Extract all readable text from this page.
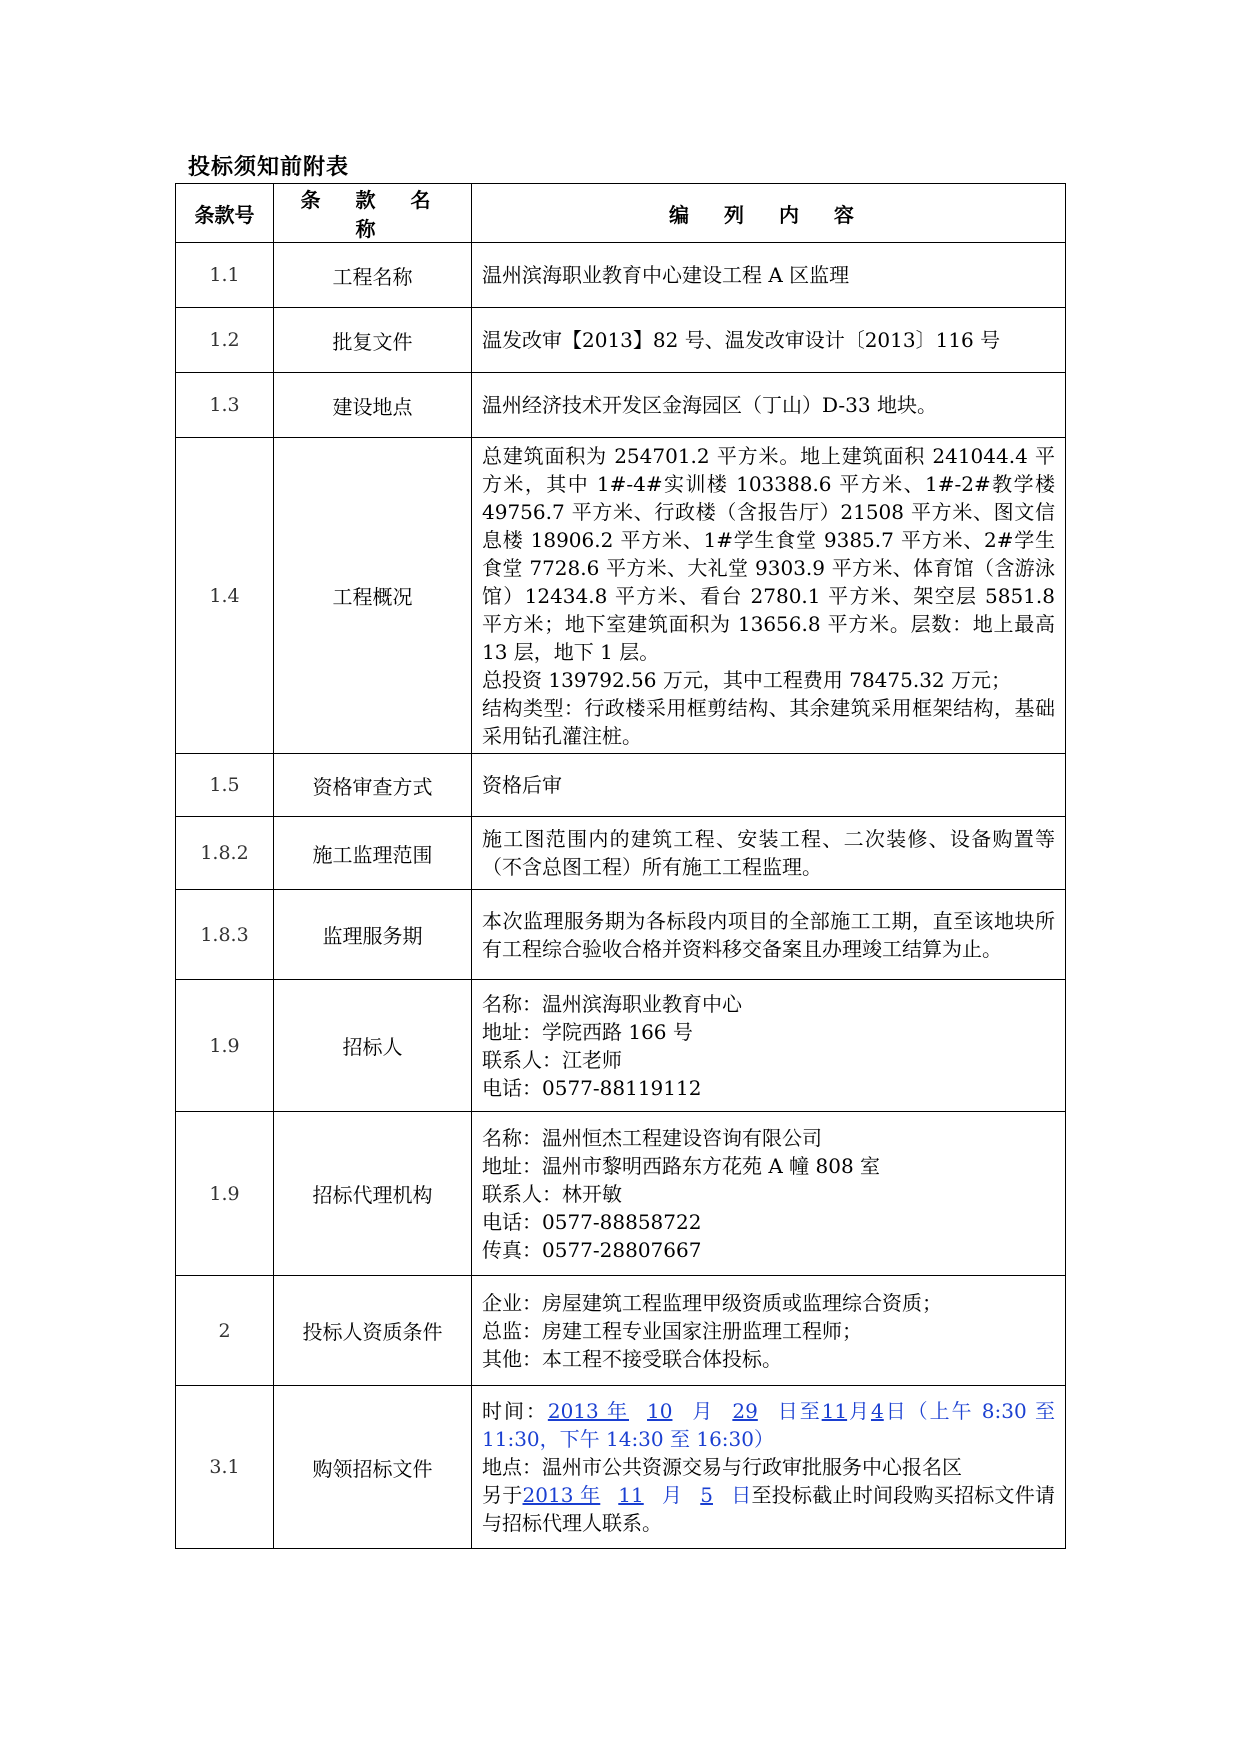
投标须知前附表
条款号	条 款 名 称	编 列 内 容
1.1	工程名称	温州滨海职业教育中心建设工程 A 区监理

1.2	批复文件	温发改审【2013】82 号、温发改审设计〔2013〕116 号

1.3	建设地点	温州经济技术开发区金海园区（丁山）D-33 地块。

1.4	工程概况	总建筑面积为 254701.2 平方米。地上建筑面积 241044.4 平方米，其中 1#-4#实训楼 103388.6 平方米、1#-2#教学楼 49756.7 平方米、行政楼（含报告厅）21508 平方米、图文信息楼 18906.2 平方米、1#学生食堂 9385.7 平方米、2#学生食堂 7728.6 平方米、大礼堂 9303.9 平方米、体育馆（含游泳馆）12434.8 平方米、看台 2780.1 平方米、架空层 5851.8 平方米；地下室建筑面积为 13656.8 平方米。层数：地上最高 13 层，地下 1 层。
总投资 139792.56 万元，其中工程费用 78475.32 万元；
结构类型：行政楼采用框剪结构、其余建筑采用框架结构，基础采用钻孔灌注桩。

1.5	资格审查方式	资格后审

1.8.2	施工监理范围	施工图范围内的建筑工程、安装工程、二次装修、设备购置等（不含总图工程）所有施工工程监理。

1.8.3	监理服务期	本次监理服务期为各标段内项目的全部施工工期，直至该地块所有工程综合验收合格并资料移交备案且办理竣工结算为止。

1.9	招标人	名称：温州滨海职业教育中心
地址：学院西路 166 号
联系人：江老师
电话：0577-88119112

1.9	招标代理机构	名称：温州恒杰工程建设咨询有限公司
地址：温州市黎明西路东方花苑 A 幢 808 室
联系人：林开敏
电话：0577-88858722
传真：0577-28807667

2	投标人资质条件	企业：房屋建筑工程监理甲级资质或监理综合资质；
总监：房建工程专业国家注册监理工程师；
其他：本工程不接受联合体投标。

3.1	购领招标文件	时间：2013 年 10 月 29 日至11月4日（上午 8:30 至 11:30，下午 14:30 至 16:30）
地点：温州市公共资源交易与行政审批服务中心报名区
另于2013 年 11 月 5 日至投标截止时间段购买招标文件请与招标代理人联系。
